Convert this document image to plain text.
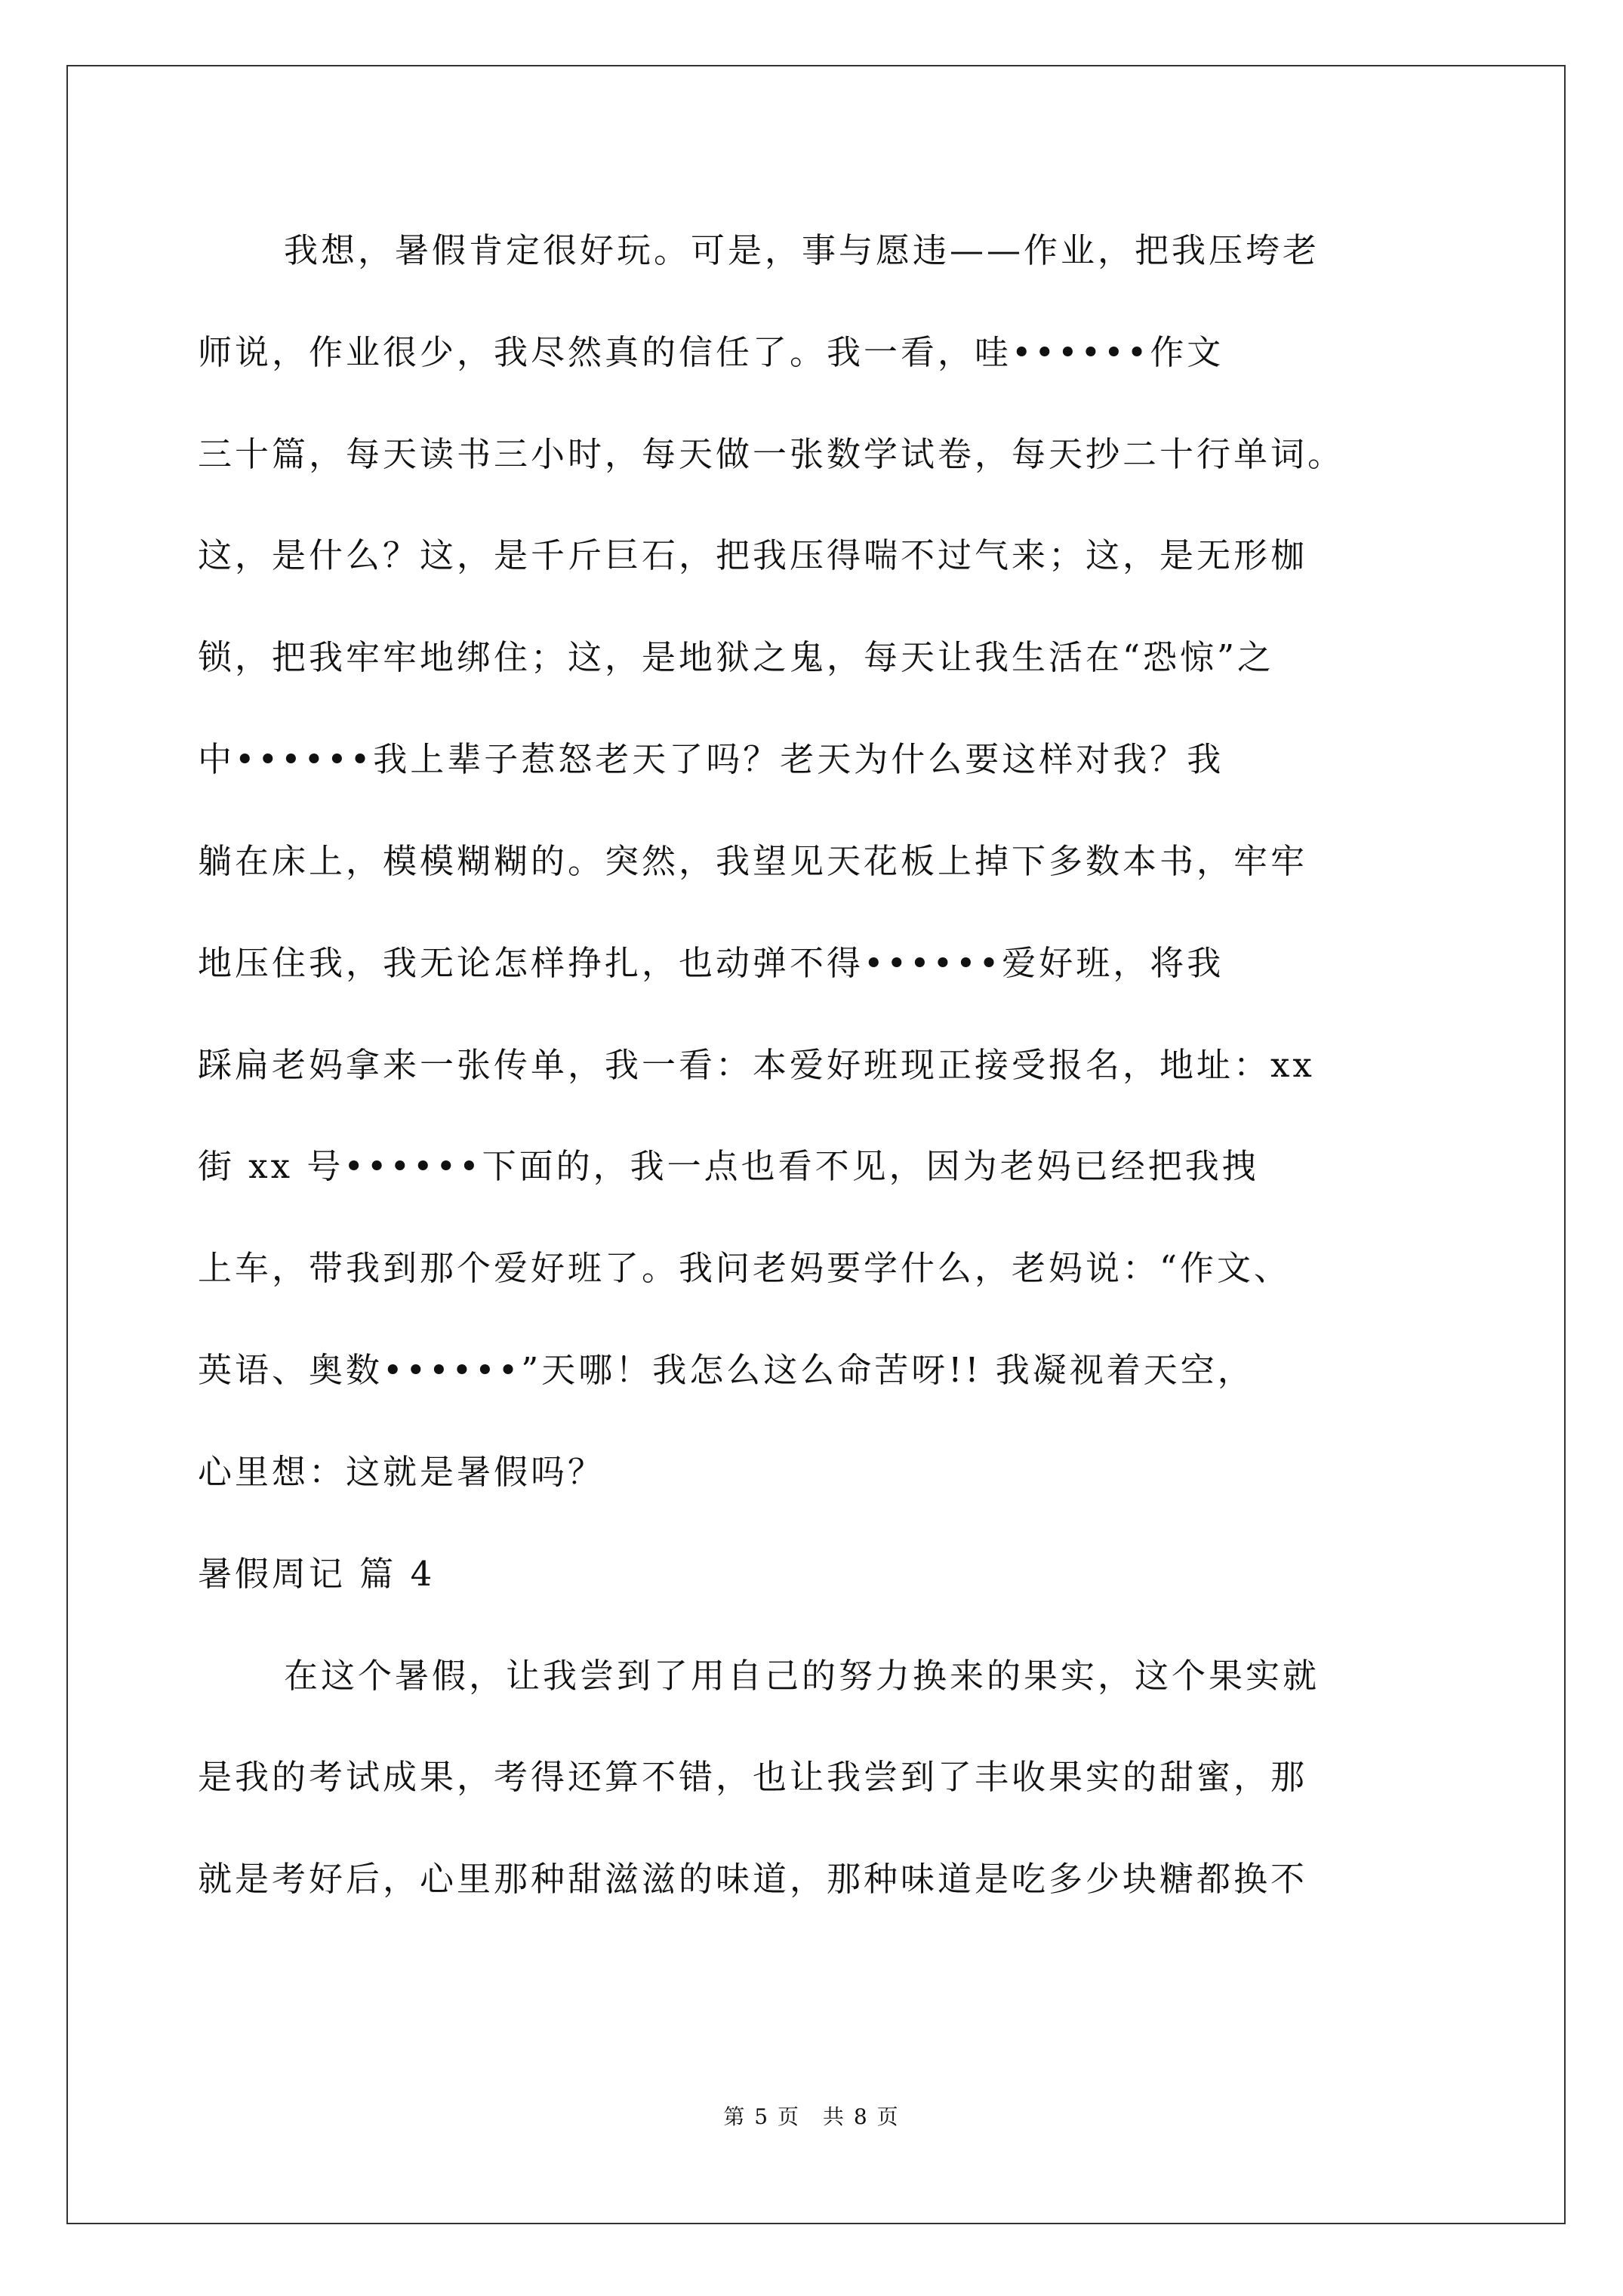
我想，暑假肯定很好玩。可是，事与愿违——作业，把我压垮老

师说，作业很少，我尽然真的信任了。我一看，哇••••••作文

三十篇，每天读书三小时，每天做一张数学试卷，每天抄二十行单词。

这，是什么？这，是千斤巨石，把我压得喘不过气来；这，是无形枷

锁，把我牢牢地绑住；这，是地狱之鬼，每天让我生活在“恐惊”之

中••••••我上辈子惹怒老天了吗？老天为什么要这样对我？我

躺在床上，模模糊糊的。突然，我望见天花板上掉下多数本书，牢牢

地压住我，我无论怎样挣扎，也动弹不得••••••爱好班，将我

踩扁老妈拿来一张传单，我一看：本爱好班现正接受报名，地址：xx

街 xx 号••••••下面的，我一点也看不见，因为老妈已经把我拽

上车，带我到那个爱好班了。我问老妈要学什么，老妈说：“作文、

英语、奥数••••••”天哪！我怎么这么命苦呀!! 我凝视着天空，

心里想：这就是暑假吗？

暑假周记 篇 4

在这个暑假，让我尝到了用自己的努力换来的果实，这个果实就

是我的考试成果，考得还算不错，也让我尝到了丰收果实的甜蜜，那

就是考好后，心里那种甜滋滋的味道，那种味道是吃多少块糖都换不

第 5 页　共 8 页
